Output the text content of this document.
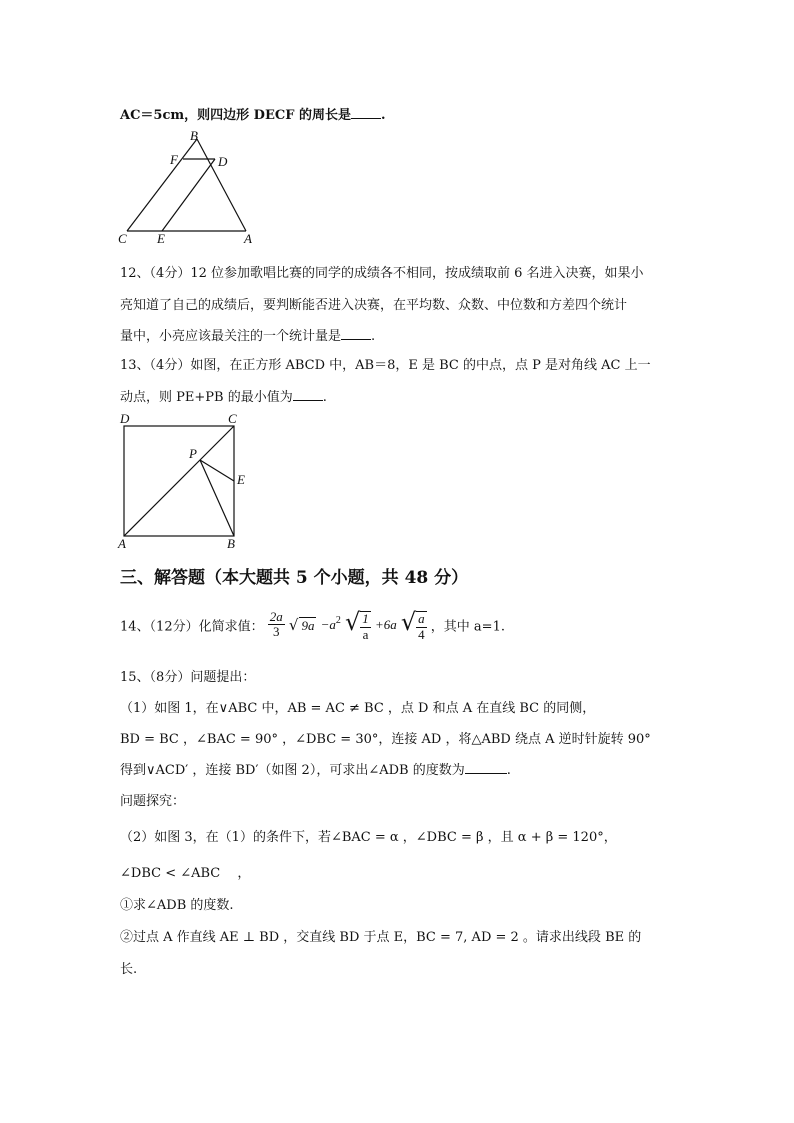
AC＝5cm，则四边形 DECF 的周长是 .
B
F	D
C E	A
12、（4分）12 位参加歌唱比赛的同学的成绩各不相同，按成绩取前 6 名进入决赛，如果小
亮知道了自己的成绩后，要判断能否进入决赛，在平均数、众数、中位数和方差四个统计
量中，小亮应该最关注的一个统计量是 .
13、（4分）如图，在正方形 ABCD 中，AB＝8，E 是 BC 的中点，点 P 是对角线 AC 上一
动点，则 PE+PB 的最小值为 .
D	C
P
E
A	B
三、解答题（本大题共 5 个小题，共 48 分）
14、（12分）化简求值： $\frac{2a}{3}$ √ $9a -a^2$ √ $\frac{1}{a} +6a$ √ $\frac{a}{4}$ ，其中 a=1.
15、（8分）问题提出：
（1）如图 1，在∨ABC 中，AB = AC ≠ BC ，点 D 和点 A 在直线 BC 的同侧，
BD = BC ，∠BAC = 90° ，∠DBC = 30°，连接 AD ，将△ABD 绕点 A 逆时针旋转 90°
得到∨ACD′ ，连接 BD′（如图 2），可求出∠ADB 的度数为	.
问题探究：
（2）如图 3，在（1）的条件下，若∠BAC = α ，∠DBC = β ，且 α + β = 120°，
∠DBC < ∠ABC 　，
①求∠ADB 的度数.
②过点 A 作直线 AE ⊥ BD ，交直线 BD 于点 E，BC = 7, AD = 2 。请求出线段 BE 的
长.
